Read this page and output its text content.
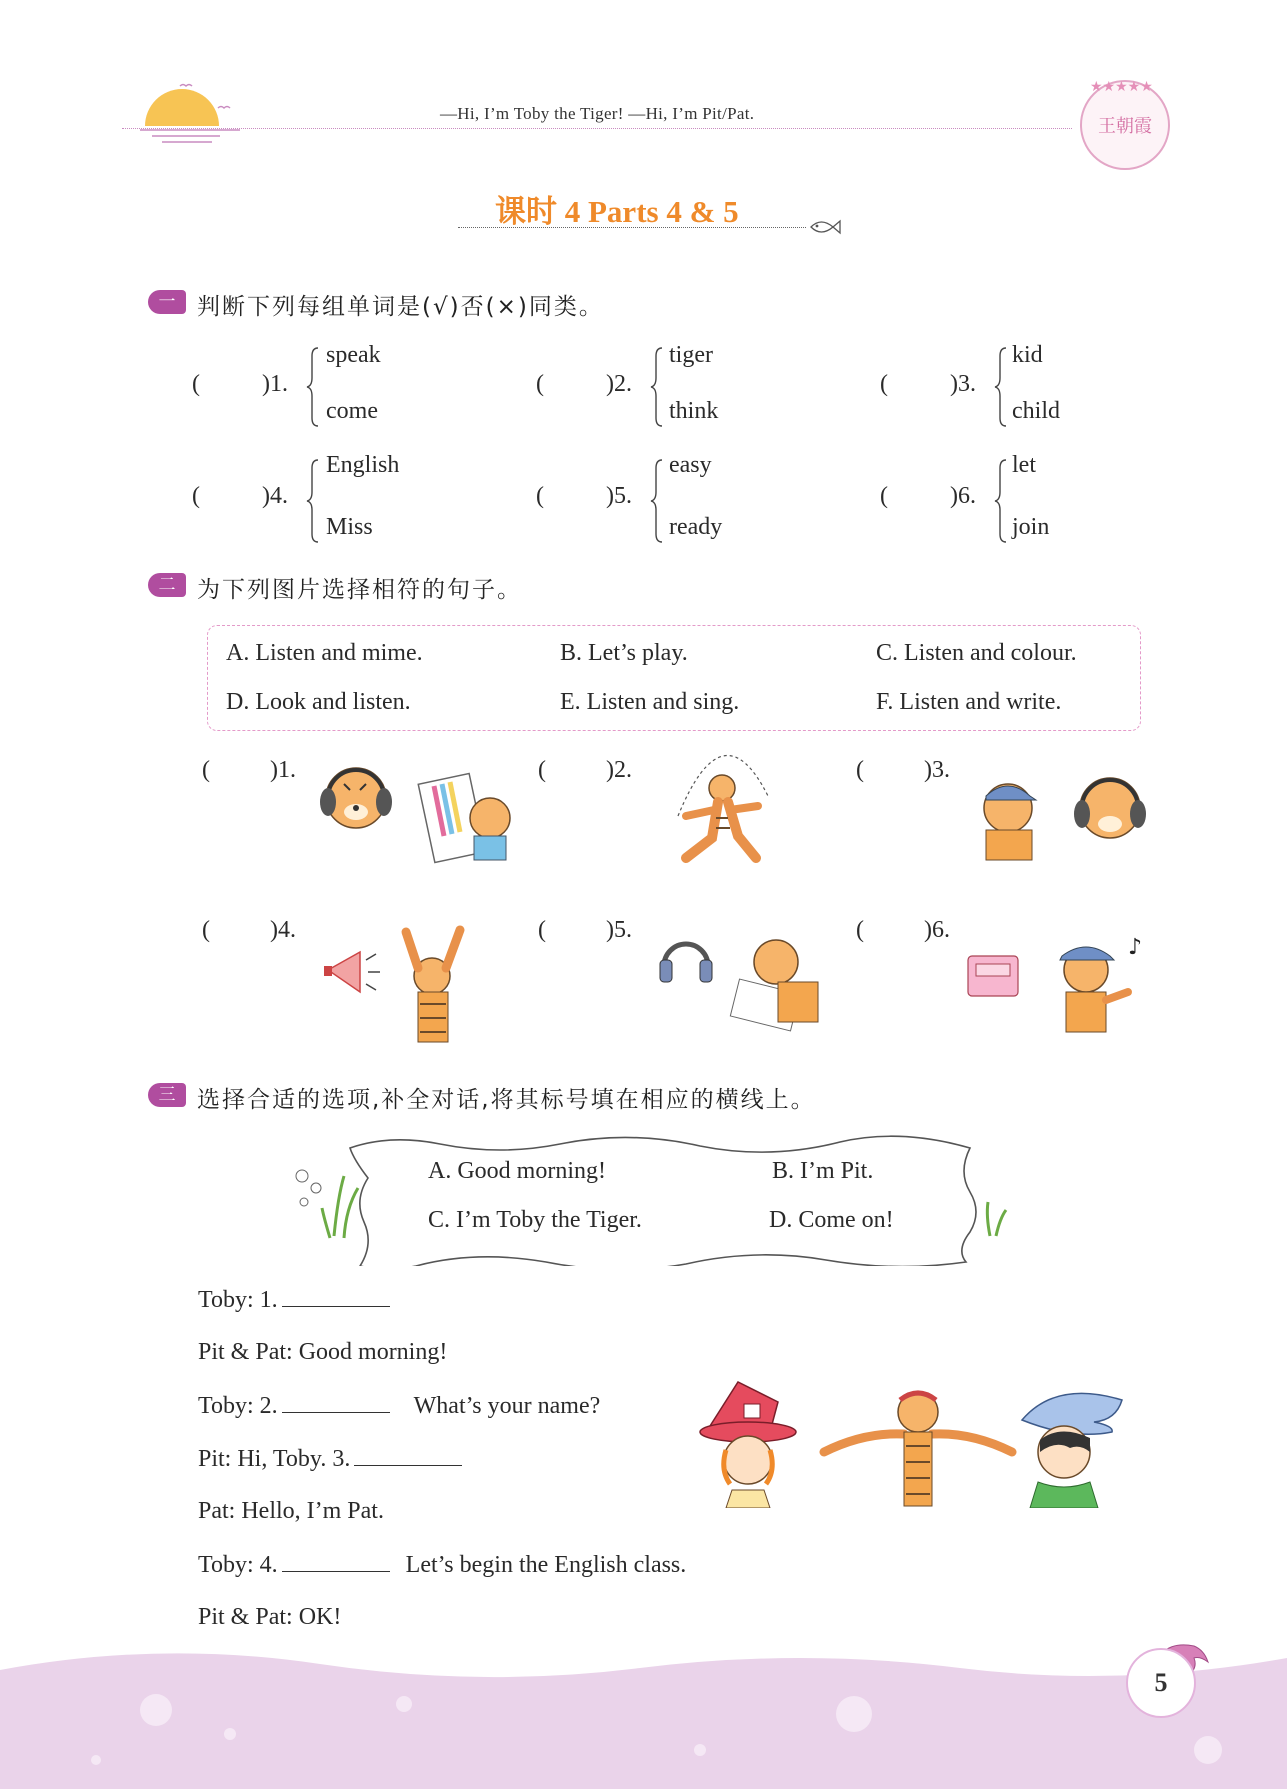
—Hi, I’m Toby the Tiger! —Hi, I’m Pit/Pat.
★★★★★
王朝霞
课时 4 Parts 4 & 5
一 判断下列每组单词是(√)否(×)同类。
(	)1.
speak
come
(	)2.
tiger
think
(	)3.
kid
child
(	)4.
English
Miss
(	)5.
easy
ready
(	)6.
let
join
二 为下列图片选择相符的句子。
A. Listen and mime.	B. Let’s play.	C. Listen and colour.
D. Look and listen.	E. Listen and sing.	F. Listen and write.
(	)1.	(	)2.	(	)3.
(	)4.	(	)5.	(	)6.
♪
三 选择合适的选项,补全对话,将其标号填在相应的横线上。
A. Good morning!	B. I’m Pit.
C. I’m Toby the Tiger.	D. Come on!
Toby: 1.
Pit & Pat: Good morning!
Toby: 2.	What’s your name?
Pit: Hi, Toby. 3.
Pat: Hello, I’m Pat.
Toby: 4.	Let’s begin the English class.
Pit & Pat: OK!
5
